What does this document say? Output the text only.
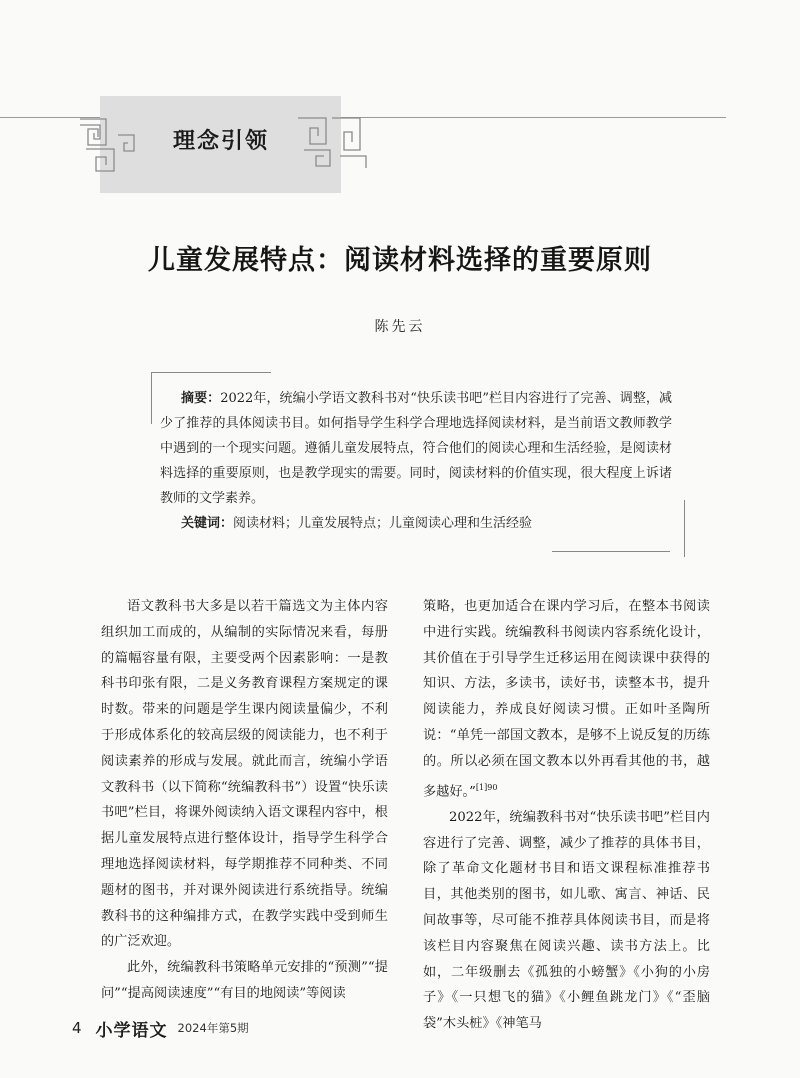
理念引领
儿童发展特点：阅读材料选择的重要原则
陈先云

摘要：2022年，统编小学语文教科书对“快乐读书吧”栏目内容进行了完善、调整，减少了推荐的具体阅读书目。如何指导学生科学合理地选择阅读材料，是当前语文教师教学中遇到的一个现实问题。遵循儿童发展特点，符合他们的阅读心理和生活经验，是阅读材料选择的重要原则，也是教学现实的需要。同时，阅读材料的价值实现，很大程度上诉诸教师的文学素养。

关键词：阅读材料；儿童发展特点；儿童阅读心理和生活经验

语文教科书大多是以若干篇选文为主体内容组织加工而成的，从编制的实际情况来看，每册的篇幅容量有限，主要受两个因素影响：一是教科书印张有限，二是义务教育课程方案规定的课时数。带来的问题是学生课内阅读量偏少，不利于形成体系化的较高层级的阅读能力，也不利于阅读素养的形成与发展。就此而言，统编小学语文教科书（以下简称“统编教科书”）设置“快乐读书吧”栏目，将课外阅读纳入语文课程内容中，根据儿童发展特点进行整体设计，指导学生科学合理地选择阅读材料，每学期推荐不同种类、不同题材的图书，并对课外阅读进行系统指导。统编教科书的这种编排方式，在教学实践中受到师生的广泛欢迎。

此外，统编教科书策略单元安排的“预测”“提问”“提高阅读速度”“有目的地阅读”等阅读

策略，也更加适合在课内学习后，在整本书阅读中进行实践。统编教科书阅读内容系统化设计，其价值在于引导学生迁移运用在阅读课中获得的知识、方法，多读书，读好书，读整本书，提升阅读能力，养成良好阅读习惯。正如叶圣陶所说：“单凭一部国文教本，是够不上说反复的历练的。所以必须在国文教本以外再看其他的书，越多越好。”$^{[1]90}$

2022年，统编教科书对“快乐读书吧”栏目内容进行了完善、调整，减少了推荐的具体书目，除了革命文化题材书目和语文课程标准推荐书目，其他类别的图书，如儿歌、寓言、神话、民间故事等，尽可能不推荐具体阅读书目，而是将该栏目内容聚焦在阅读兴趣、读书方法上。比如，二年级删去《孤独的小螃蟹》《小狗的小房子》《一只想飞的猫》《小鲤鱼跳龙门》《“歪脑袋”木头桩》《神笔马

4 小学语文 2024年第5期
